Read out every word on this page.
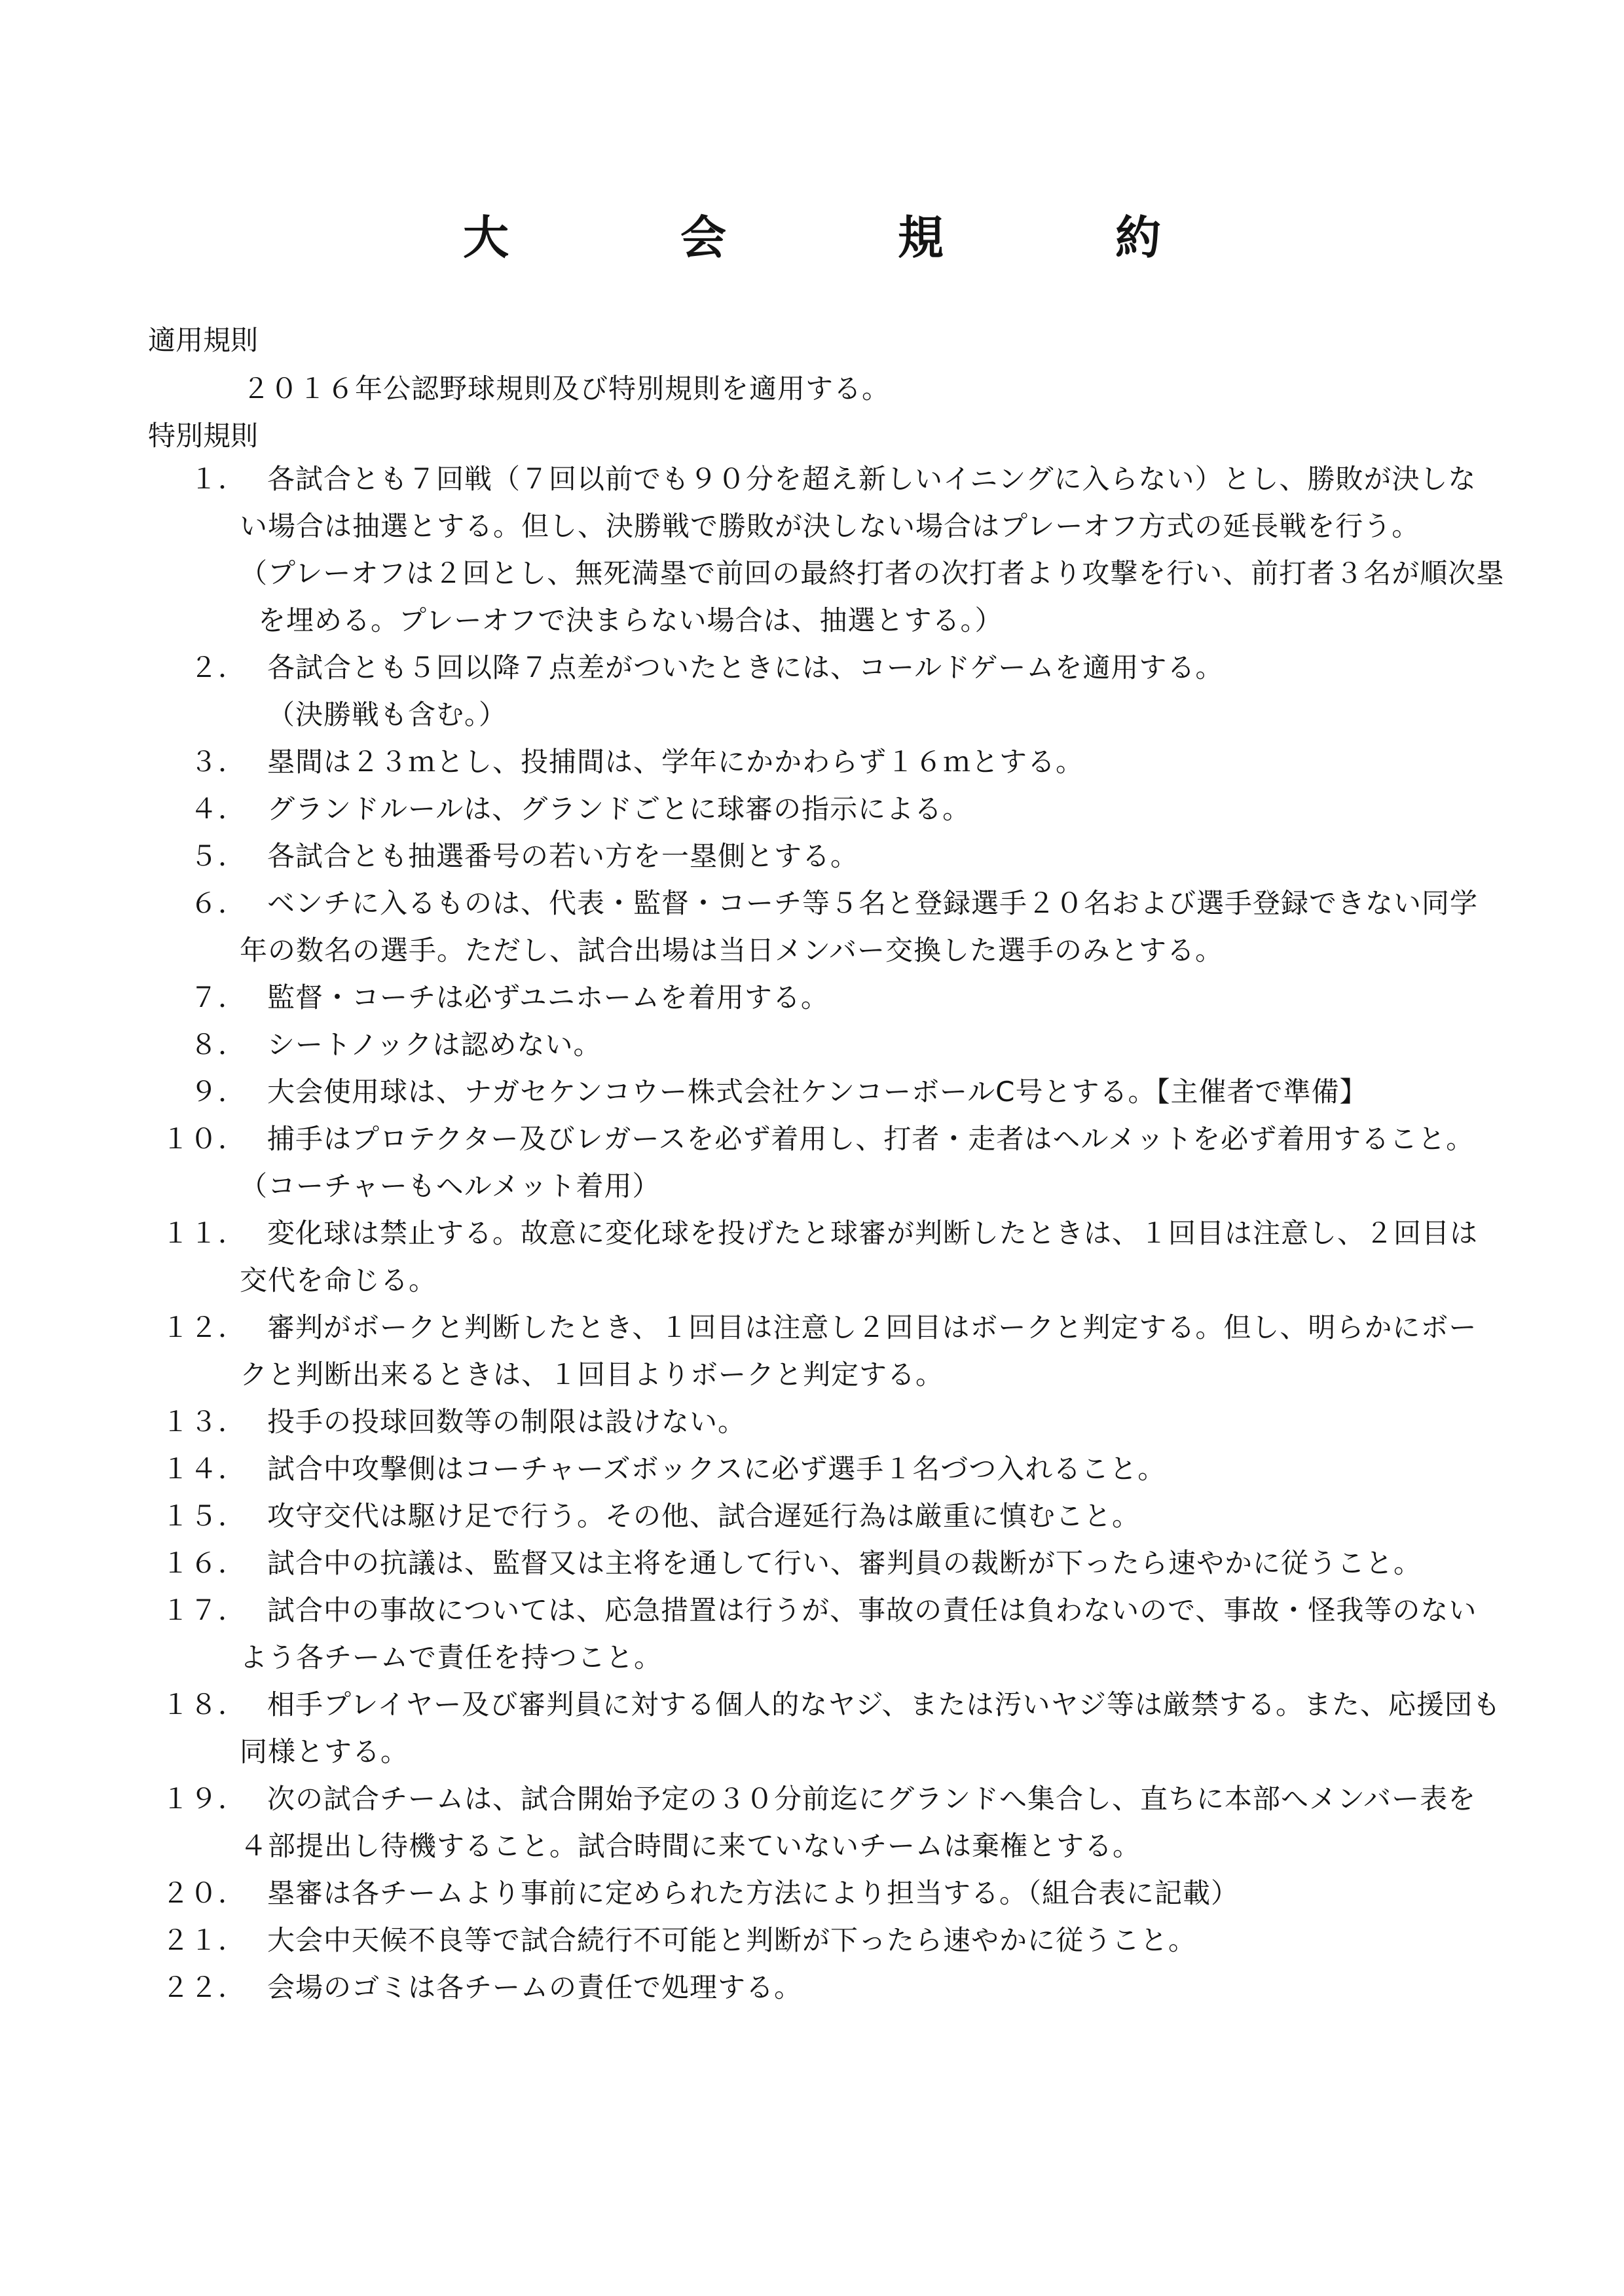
大　会　規　約
適用規則
２０１６年公認野球規則及び特別規則を適用する。
特別規則
１． 各試合とも７回戦（７回以前でも９０分を超え新しいイニングに入らない）とし、勝敗が決しない場合は抽選とする。但し、決勝戦で勝敗が決しない場合はプレーオフ方式の延長戦を行う。
（プレーオフは２回とし、無死満塁で前回の最終打者の次打者より攻撃を行い、前打者３名が順次塁を埋める。プレーオフで決まらない場合は、抽選とする。）
２． 各試合とも５回以降７点差がついたときには、コールドゲームを適用する。
（決勝戦も含む。）
３． 塁間は２３ｍとし、投捕間は、学年にかかわらず１６ｍとする。
４． グランドルールは、グランドごとに球審の指示による。
５． 各試合とも抽選番号の若い方を一塁側とする。
６． ベンチに入るものは、代表・監督・コーチ等５名と登録選手２０名および選手登録できない同学年の数名の選手。ただし、試合出場は当日メンバー交換した選手のみとする。
７． 監督・コーチは必ずユニホームを着用する。
８． シートノックは認めない。
９． 大会使用球は、ナガセケンコウー株式会社ケンコーボールC号とする。【主催者で準備】
１０． 捕手はプロテクター及びレガースを必ず着用し、打者・走者はヘルメットを必ず着用すること。（コーチャーもヘルメット着用）
１１． 変化球は禁止する。故意に変化球を投げたと球審が判断したときは、１回目は注意し、２回目は交代を命じる。
１２． 審判がボークと判断したとき、１回目は注意し２回目はボークと判定する。但し、明らかにボークと判断出来るときは、１回目よりボークと判定する。
１３． 投手の投球回数等の制限は設けない。
１４． 試合中攻撃側はコーチャーズボックスに必ず選手１名づつ入れること。
１５． 攻守交代は駆け足で行う。その他、試合遅延行為は厳重に慎むこと。
１６． 試合中の抗議は、監督又は主将を通して行い、審判員の裁断が下ったら速やかに従うこと。
１７． 試合中の事故については、応急措置は行うが、事故の責任は負わないので、事故・怪我等のないよう各チームで責任を持つこと。
１８． 相手プレイヤー及び審判員に対する個人的なヤジ、または汚いヤジ等は厳禁する。また、応援団も同様とする。
１９． 次の試合チームは、試合開始予定の３０分前迄にグランドへ集合し、直ちに本部へメンバー表を４部提出し待機すること。試合時間に来ていないチームは棄権とする。
２０． 塁審は各チームより事前に定められた方法により担当する。（組合表に記載）
２１． 大会中天候不良等で試合続行不可能と判断が下ったら速やかに従うこと。
２２． 会場のゴミは各チームの責任で処理する。
